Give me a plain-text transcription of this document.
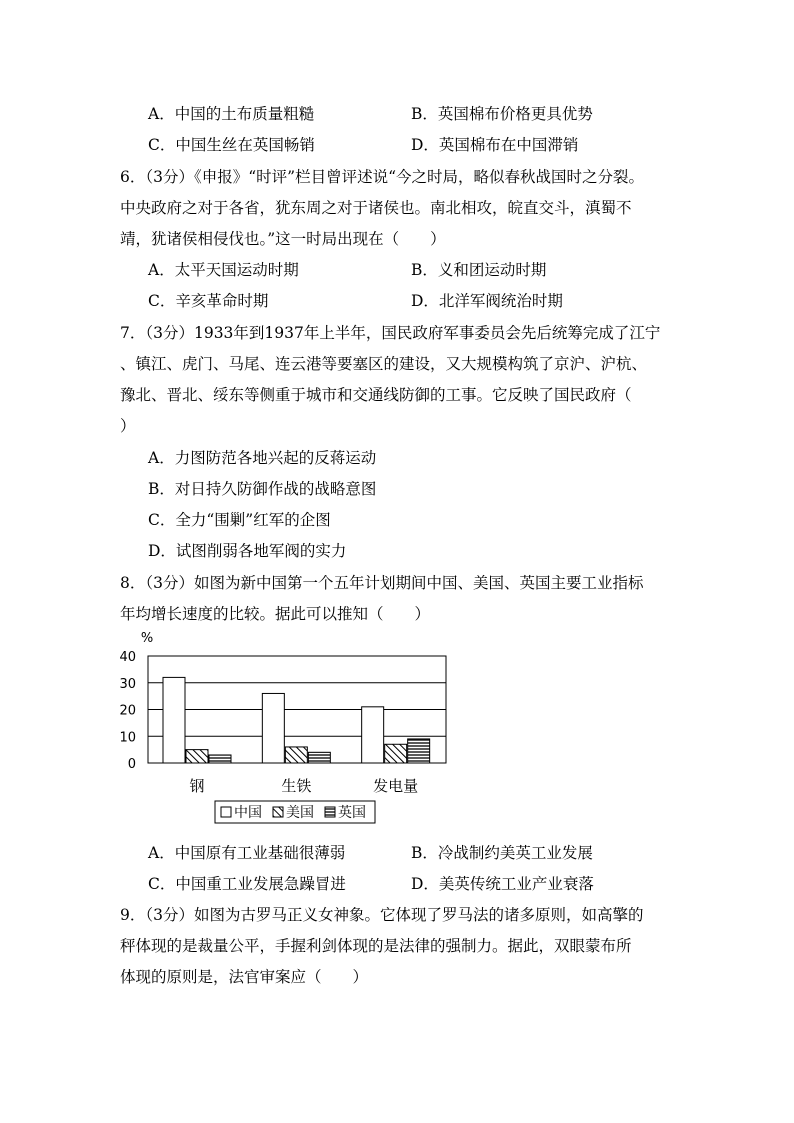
A．中国的土布质量粗糙	B．英国棉布价格更具优势
C．中国生丝在英国畅销	D．英国棉布在中国滞销
6．（3分）《申报》“时评”栏目曾评述说“今之时局，略似春秋战国时之分裂。
中央政府之对于各省，犹东周之对于诸侯也。南北相攻，皖直交斗，滇蜀不
靖，犹诸侯相侵伐也。”这一时局出现在（　　）
A．太平天国运动时期	B．义和团运动时期
C．辛亥革命时期	D．北洋军阀统治时期
7．（3分）1933年到1937年上半年，国民政府军事委员会先后统筹完成了江宁
、镇江、虎门、马尾、连云港等要塞区的建设，又大规模构筑了京沪、沪杭、
豫北、晋北、绥东等侧重于城市和交通线防御的工事。它反映了国民政府（
）
A．力图防范各地兴起的反蒋运动
B．对日持久防御作战的战略意图
C．全力“围剿”红军的企图
D．试图削弱各地军阀的实力
8．（3分）如图为新中国第一个五年计划期间中国、美国、英国主要工业指标
年均增长速度的比较。据此可以推知（　　）
%
0
10
20
30
40
钢	生铁	发电量
中国 美国 英国
A．中国原有工业基础很薄弱	B．冷战制约美英工业发展
C．中国重工业发展急躁冒进	D．美英传统工业产业衰落
9．（3分）如图为古罗马正义女神象。它体现了罗马法的诸多原则，如高擎的
秤体现的是裁量公平，手握利剑体现的是法律的强制力。据此，双眼蒙布所
体现的原则是，法官审案应（　　）
